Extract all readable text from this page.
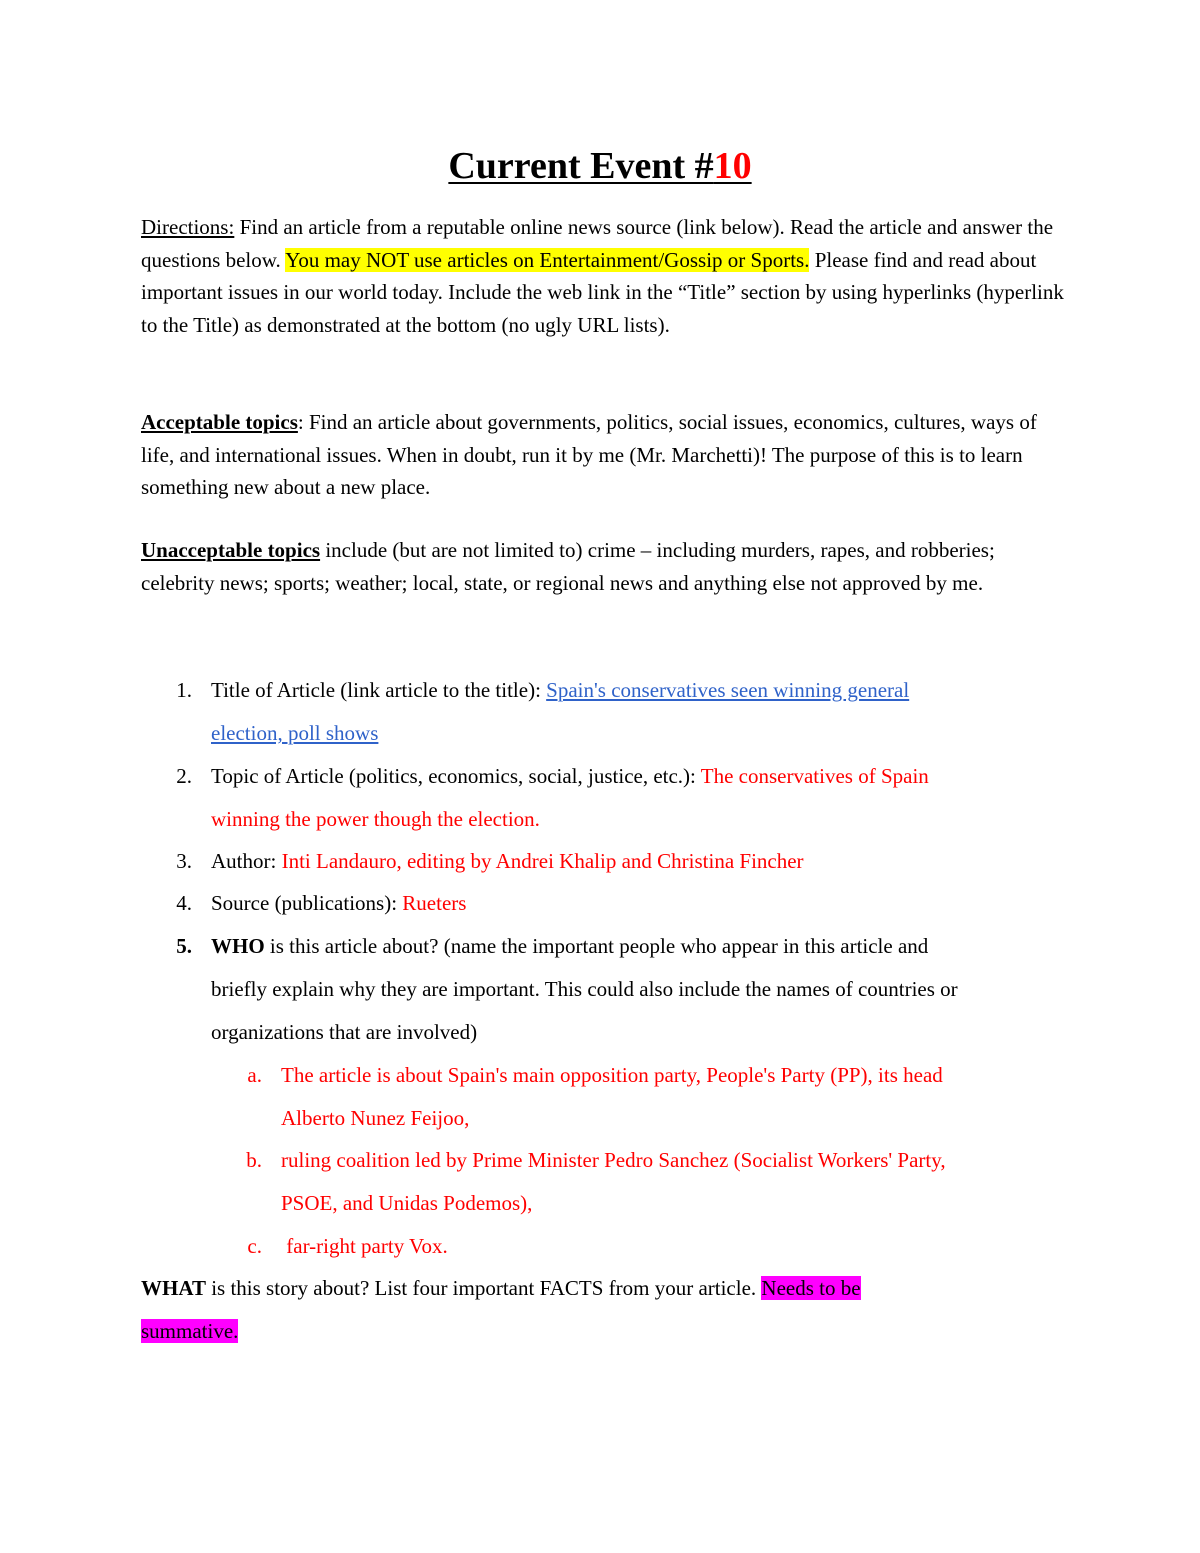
Current Event #10
Directions: Find an article from a reputable online news source (link below). Read the article and answer the questions below. You may NOT use articles on Entertainment/Gossip or Sports. Please find and read about important issues in our world today. Include the web link in the “Title” section by using hyperlinks (hyperlink to the Title) as demonstrated at the bottom (no ugly URL lists).
Acceptable topics: Find an article about governments, politics, social issues, economics, cultures, ways of life, and international issues. When in doubt, run it by me (Mr. Marchetti)! The purpose of this is to learn something new about a new place.
Unacceptable topics include (but are not limited to) crime – including murders, rapes, and robberies; celebrity news; sports; weather; local, state, or regional news and anything else not approved by me.
1. Title of Article (link article to the title): Spain's conservatives seen winning general
election, poll shows
2. Topic of Article (politics, economics, social, justice, etc.): The conservatives of Spain
winning the power though the election.
3. Author: Inti Landauro, editing by Andrei Khalip and Christina Fincher
4. Source (publications): Rueters
5. WHO is this article about? (name the important people who appear in this article and
briefly explain why they are important. This could also include the names of countries or
organizations that are involved)
a. The article is about Spain's main opposition party, People's Party (PP), its head
Alberto Nunez Feijoo,
b. ruling coalition led by Prime Minister Pedro Sanchez (Socialist Workers' Party,
PSOE, and Unidas Podemos),
c. far-right party Vox.
WHAT is this story about? List four important FACTS from your article. Needs to be
summative.
